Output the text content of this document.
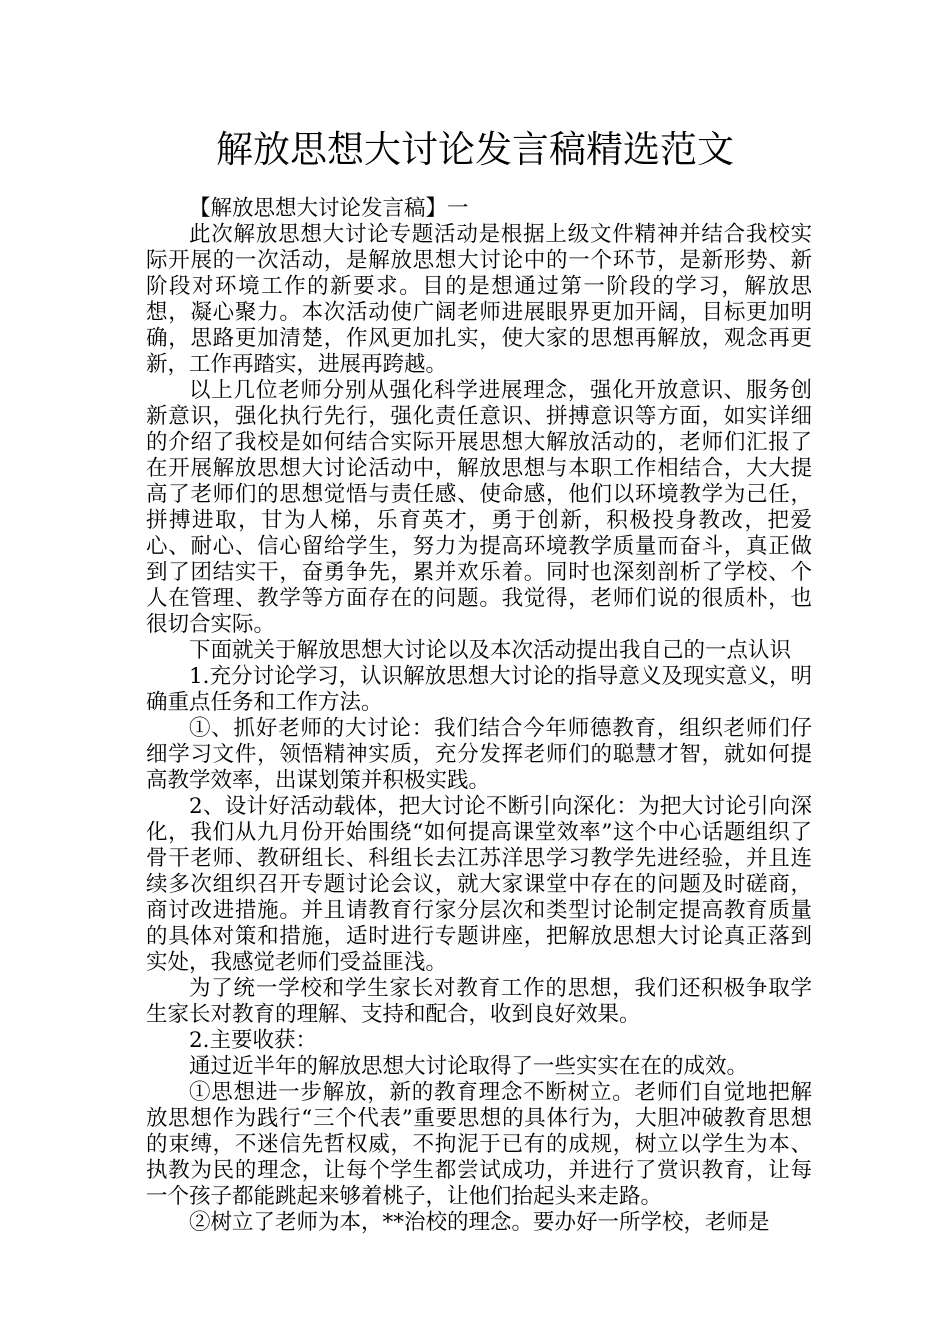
解放思想大讨论发言稿精选范文

【解放思想大讨论发言稿】一

此次解放思想大讨论专题活动是根据上级文件精神并结合我校实际开展的一次活动，是解放思想大讨论中的一个环节，是新形势、新阶段对环境工作的新要求。目的是想通过第一阶段的学习，解放思想，凝心聚力。本次活动使广阔老师进展眼界更加开阔，目标更加明确，思路更加清楚，作风更加扎实，使大家的思想再解放，观念再更新，工作再踏实，进展再跨越。

以上几位老师分别从强化科学进展理念，强化开放意识、服务创新意识，强化执行先行，强化责任意识、拼搏意识等方面，如实详细的介绍了我校是如何结合实际开展思想大解放活动的，老师们汇报了在开展解放思想大讨论活动中，解放思想与本职工作相结合，大大提高了老师们的思想觉悟与责任感、使命感，他们以环境教学为己任，拼搏进取，甘为人梯，乐育英才，勇于创新，积极投身教改，把爱心、耐心、信心留给学生，努力为提高环境教学质量而奋斗，真正做到了团结实干，奋勇争先，累并欢乐着。同时也深刻剖析了学校、个人在管理、教学等方面存在的问题。我觉得，老师们说的很质朴，也很切合实际。

下面就关于解放思想大讨论以及本次活动提出我自己的一点认识

1.充分讨论学习，认识解放思想大讨论的指导意义及现实意义，明确重点任务和工作方法。

①、抓好老师的大讨论：我们结合今年师德教育，组织老师们仔细学习文件，领悟精神实质，充分发挥老师们的聪慧才智，就如何提高教学效率，出谋划策并积极实践。

2、设计好活动载体，把大讨论不断引向深化：为把大讨论引向深化，我们从九月份开始围绕“如何提高课堂效率”这个中心话题组织了骨干老师、教研组长、科组长去江苏洋思学习教学先进经验，并且连续多次组织召开专题讨论会议，就大家课堂中存在的问题及时磋商，商讨改进措施。并且请教育行家分层次和类型讨论制定提高教育质量的具体对策和措施，适时进行专题讲座，把解放思想大讨论真正落到实处，我感觉老师们受益匪浅。

为了统一学校和学生家长对教育工作的思想，我们还积极争取学生家长对教育的理解、支持和配合，收到良好效果。

2.主要收获：

通过近半年的解放思想大讨论取得了一些实实在在的成效。

①思想进一步解放，新的教育理念不断树立。老师们自觉地把解放思想作为践行“三个代表”重要思想的具体行为，大胆冲破教育思想的束缚，不迷信先哲权威，不拘泥于已有的成规，树立以学生为本、执教为民的理念，让每个学生都尝试成功，并进行了赏识教育，让每一个孩子都能跳起来够着桃子，让他们抬起头来走路。

②树立了老师为本，**治校的理念。要办好一所学校，老师是
